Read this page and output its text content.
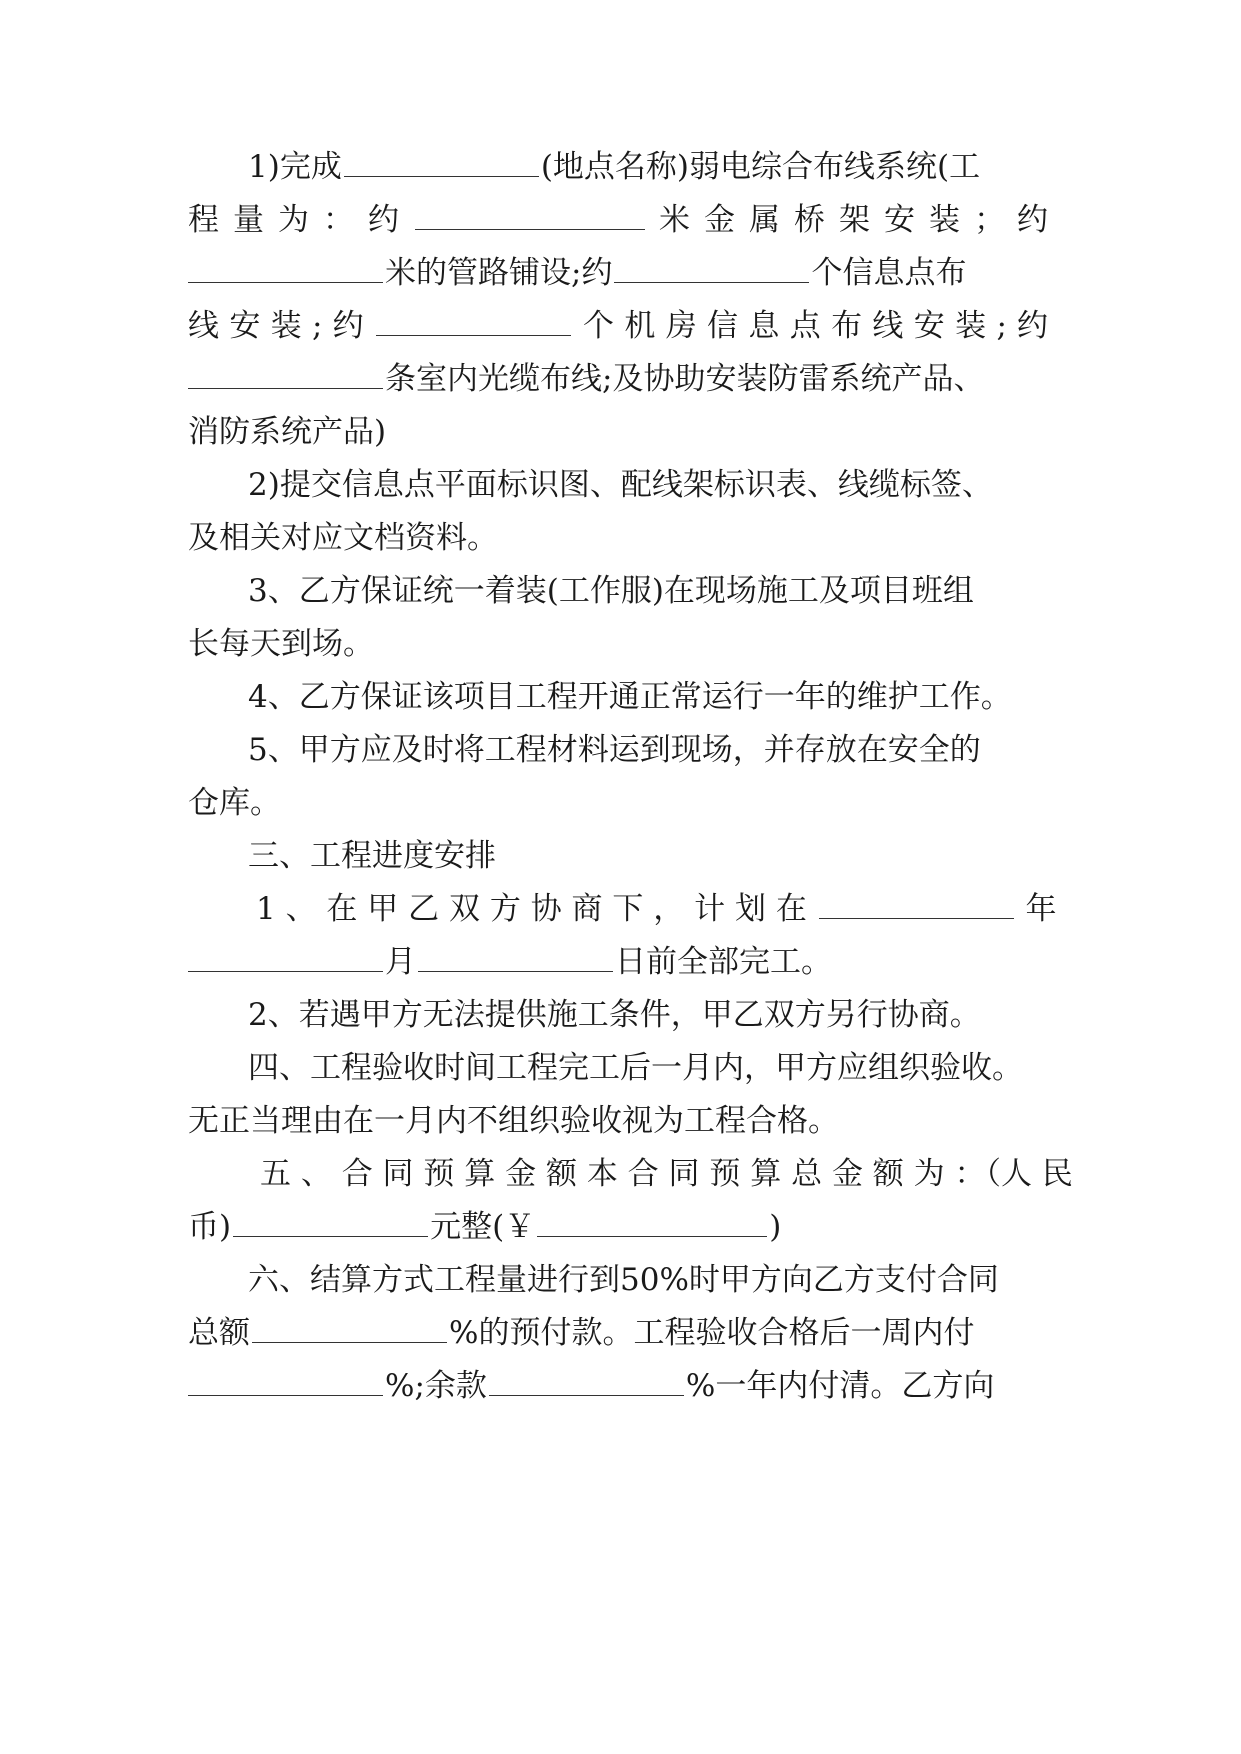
1)完成	(地点名称)弱电综合布线系统(工
程 量 为 ： 约	米 金 属 桥 架 安 装 ； 约
米的管路铺设;约	个信息点布
线 安 装 ; 约	个 机 房 信 息 点 布 线 安 装 ; 约
条室内光缆布线;及协助安装防雷系统产品、
消防系统产品)
2)提交信息点平面标识图、配线架标识表、线缆标签、
及相关对应文档资料。
3、乙方保证统一着装(工作服)在现场施工及项目班组
长每天到场。
4、乙方保证该项目工程开通正常运行一年的维护工作。
5、甲方应及时将工程材料运到现场，并存放在安全的
仓库。
三、工程进度安排
1 、 在 甲 乙 双 方 协 商 下 ， 计 划 在	年
月	日前全部完工。
2、若遇甲方无法提供施工条件，甲乙双方另行协商。
四、工程验收时间工程完工后一月内，甲方应组织验收。
无正当理由在一月内不组织验收视为工程合格。
五 、 合 同 预 算 金 额 本 合 同 预 算 总 金 额 为 ：（人 民
币)	元整(￥	)
六、结算方式工程量进行到50%时甲方向乙方支付合同
总额	%的预付款。工程验收合格后一周内付
%;余款	%一年内付清。乙方向
